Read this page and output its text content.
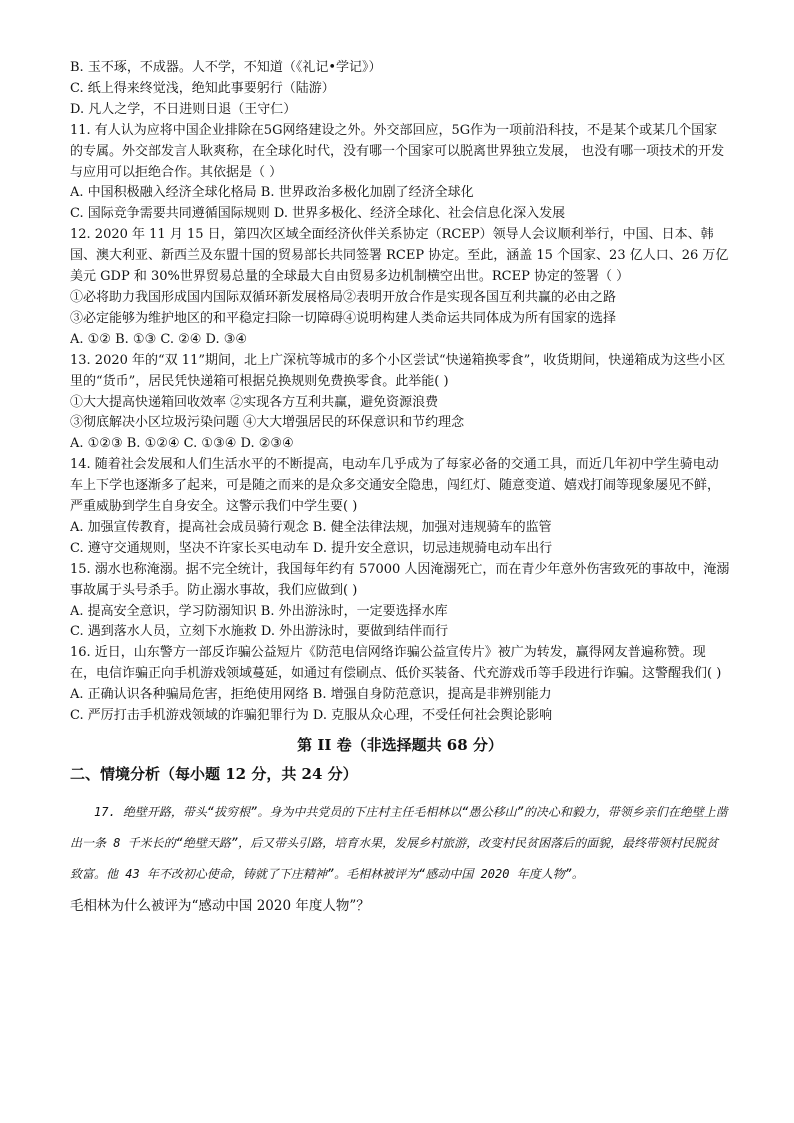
B. 玉不琢，不成器。人不学，不知道（《礼记•学记》）
C. 纸上得来终觉浅，绝知此事要躬行（陆游）
D. 凡人之学，不日进则日退（王守仁）
11. 有人认为应将中国企业排除在5G网络建设之外。外交部回应，5G作为一项前沿科技，不是某个或某几个国家的专属。外交部发言人耿爽称，在全球化时代，没有哪一个国家可以脱离世界独立发展， 也没有哪一项技术的开发与应用可以拒绝合作。其依据是（ ）
A. 中国积极融入经济全球化格局 B. 世界政治多极化加剧了经济全球化
C. 国际竞争需要共同遵循国际规则 D. 世界多极化、经济全球化、社会信息化深入发展
12. 2020 年 11 月 15 日，第四次区域全面经济伙伴关系协定（RCEP）领导人会议顺利举行，中国、日本、韩国、澳大利亚、新西兰及东盟十国的贸易部长共同签署 RCEP 协定。至此，涵盖 15 个国家、23 亿人口、26 万亿美元 GDP 和 30%世界贸易总量的全球最大自由贸易多边机制横空出世。RCEP 协定的签署（ ）
①必将助力我国形成国内国际双循环新发展格局②表明开放合作是实现各国互利共赢的必由之路
③必定能够为维护地区的和平稳定扫除一切障碍④说明构建人类命运共同体成为所有国家的选择
A. ①② B. ①③ C. ②④ D. ③④
13. 2020 年的“双 11”期间，北上广深杭等城市的多个小区尝试“快递箱换零食”，收货期间，快递箱成为这些小区里的“货币”，居民凭快递箱可根据兑换规则免费换零食。此举能( )
①大大提高快递箱回收效率 ②实现各方互利共赢，避免资源浪费
③彻底解决小区垃圾污染问题 ④大大增强居民的环保意识和节约理念
A. ①②③ B. ①②④ C. ①③④ D. ②③④
14. 随着社会发展和人们生活水平的不断提高，电动车几乎成为了每家必备的交通工具，而近几年初中学生骑电动车上下学也逐渐多了起来，可是随之而来的是众多交通安全隐患，闯红灯、随意变道、嬉戏打闹等现象屡见不鲜，严重威胁到学生自身安全。这警示我们中学生要( )
A. 加强宣传教育，提高社会成员骑行观念 B. 健全法律法规，加强对违规骑车的监管
C. 遵守交通规则，坚决不许家长买电动车 D. 提升安全意识，切忌违规骑电动车出行
15. 溺水也称淹溺。据不完全统计，我国每年约有 57000 人因淹溺死亡，而在青少年意外伤害致死的事故中，淹溺事故属于头号杀手。防止溺水事故，我们应做到( )
A. 提高安全意识，学习防溺知识 B. 外出游泳时，一定要选择水库
C. 遇到落水人员，立刻下水施救 D. 外出游泳时，要做到结伴而行
16. 近日，山东警方一部反诈骗公益短片《防范电信网络诈骗公益宣传片》被广为转发，赢得网友普遍称赞。现在，电信诈骗正向手机游戏领域蔓延，如通过有偿刷点、低价买装备、代充游戏币等手段进行诈骗。这警醒我们( )
A. 正确认识各种骗局危害，拒绝使用网络 B. 增强自身防范意识，提高是非辨别能力
C. 严厉打击手机游戏领域的诈骗犯罪行为 D. 克服从众心理，不受任何社会舆论影响
第 II 卷（非选择题共 68 分）
二、情境分析（每小题 12 分，共 24 分）
17. 绝壁开路，带头“拔穷根”。身为中共党员的下庄村主任毛相林以“愚公移山”的决心和毅力，带领乡亲们在绝壁上凿出一条 8 千米长的“绝壁天路”，后又带头引路，培育水果，发展乡村旅游，改变村民贫困落后的面貌，最终带领村民脱贫致富。他 43 年不改初心使命，铸就了下庄精神”。毛相林被评为“感动中国 2020 年度人物”。
毛相林为什么被评为“感动中国 2020 年度人物”？
